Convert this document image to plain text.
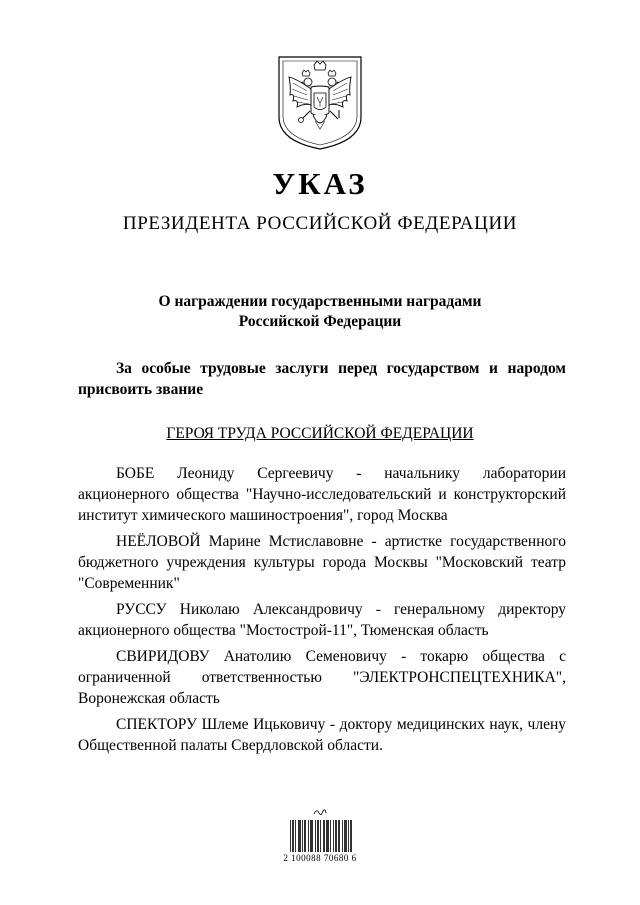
УКАЗ
ПРЕЗИДЕНТА РОССИЙСКОЙ ФЕДЕРАЦИИ
О награждении государственными наградами
Российской Федерации
За особые трудовые заслуги перед государством и народом
присвоить звание
ГЕРОЯ ТРУДА РОССИЙСКОЙ ФЕДЕРАЦИИ

БОБЕ Леониду Сергеевичу - начальнику лаборатории акционерного общества "Научно-исследовательский и конструкторский институт химического машиностроения", город Москва

НЕЁЛОВОЙ Марине Мстиславовне - артистке государственного бюджетного учреждения культуры города Москвы "Московский театр "Современник"

РУССУ Николаю Александровичу - генеральному директору акционерного общества "Мостострой-11", Тюменская область

СВИРИДОВУ Анатолию Семеновичу - токарю общества с ограниченной ответственностью "ЭЛЕКТРОНСПЕЦТЕХНИКА", Воронежская область

СПЕКТОРУ Шлеме Ицьковичу - доктору медицинских наук, члену Общественной палаты Свердловской области.

2 100088 70680 6
